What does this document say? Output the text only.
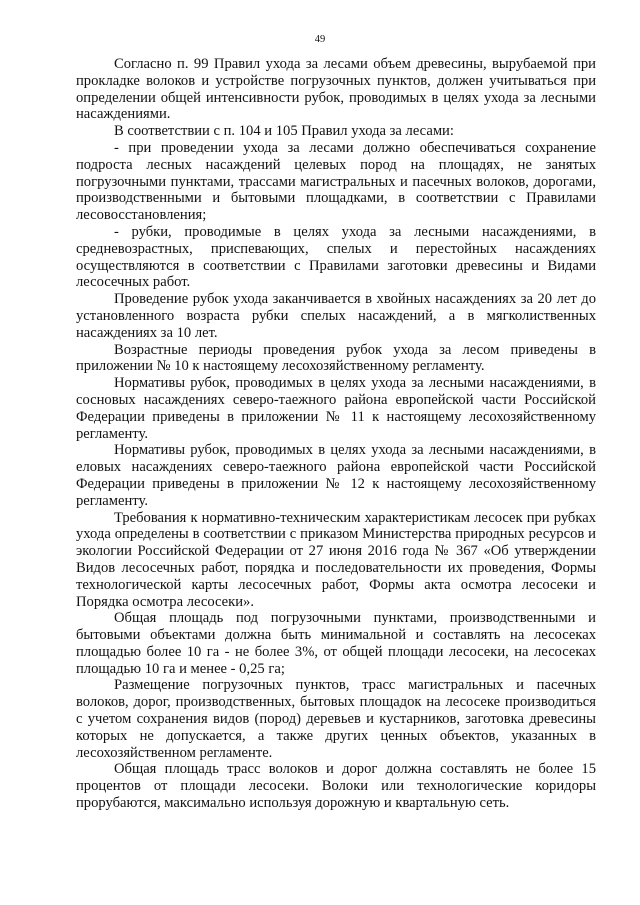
49

Согласно п. 99 Правил ухода за лесами объем древесины, вырубаемой при прокладке волоков и устройстве погрузочных пунктов, должен учитываться при определении общей интенсивности рубок, проводимых в целях ухода за лесными насаждениями.

В соответствии с п. 104 и 105 Правил ухода за лесами:

- при проведении ухода за лесами должно обеспечиваться сохранение подроста лесных насаждений целевых пород на площадях, не занятых погрузочными пунктами, трассами магистральных и пасечных волоков, дорогами, производственными и бытовыми площадками, в соответствии с Правилами лесовосстановления;

- рубки, проводимые в целях ухода за лесными насаждениями, в средневозрастных, приспевающих, спелых и перестойных насаждениях осуществляются в соответствии с Правилами заготовки древесины и Видами лесосечных работ.

Проведение рубок ухода заканчивается в хвойных насаждениях за 20 лет до установленного возраста рубки спелых насаждений, а в мягколиственных насаждениях за 10 лет.

Возрастные периоды проведения рубок ухода за лесом приведены в приложении № 10 к настоящему лесохозяйственному регламенту.

Нормативы рубок, проводимых в целях ухода за лесными насаждениями, в сосновых насаждениях северо-таежного района европейской части Российской Федерации приведены в приложении № 11 к настоящему лесохозяйственному регламенту.

Нормативы рубок, проводимых в целях ухода за лесными насаждениями, в еловых насаждениях северо-таежного района европейской части Российской Федерации приведены в приложении № 12 к настоящему лесохозяйственному регламенту.

Требования к нормативно-техническим характеристикам лесосек при рубках ухода определены в соответствии с приказом Министерства природных ресурсов и экологии Российской Федерации от 27 июня 2016 года № 367 «Об утверждении Видов лесосечных работ, порядка и последовательности их проведения, Формы технологической карты лесосечных работ, Формы акта осмотра лесосеки и Порядка осмотра лесосеки».

Общая площадь под погрузочными пунктами, производственными и бытовыми объектами должна быть минимальной и составлять на лесосеках площадью более 10 га - не более 3%, от общей площади лесосеки, на лесосеках площадью 10 га и менее - 0,25 га;

Размещение погрузочных пунктов, трасс магистральных и пасечных волоков, дорог, производственных, бытовых площадок на лесосеке производиться с учетом сохранения видов (пород) деревьев и кустарников, заготовка древесины которых не допускается, а также других ценных объектов, указанных в лесохозяйственном регламенте.

Общая площадь трасс волоков и дорог должна составлять не более 15 процентов от площади лесосеки. Волоки или технологические коридоры прорубаются, максимально используя дорожную и квартальную сеть.
